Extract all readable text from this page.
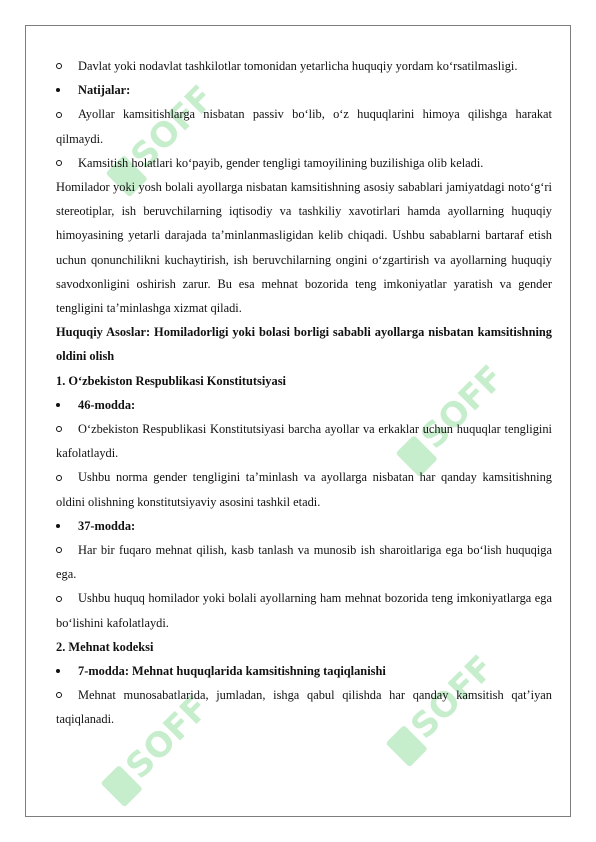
SOFF
SOFF
SOFF
SOFF

Davlat yoki nodavlat tashkilotlar tomonidan yetarlicha huquqiy yordam ko‘rsatilmasligi.

Natijalar:

Ayollar kamsitishlarga nisbatan passiv bo‘lib, o‘z huquqlarini himoya qilishga harakat qilmaydi.

Kamsitish holatlari ko‘payib, gender tengligi tamoyilining buzilishiga olib keladi.

Homilador yoki yosh bolali ayollarga nisbatan kamsitishning asosiy sabablari jamiyatdagi noto‘g‘ri stereotiplar, ish beruvchilarning iqtisodiy va tashkiliy xavotirlari hamda ayollarning huquqiy himoyasining yetarli darajada ta’minlanmasligidan kelib chiqadi. Ushbu sabablarni bartaraf etish uchun qonunchilikni kuchaytirish, ish beruvchilarning ongini o‘zgartirish va ayollarning huquqiy savodxonligini oshirish zarur. Bu esa mehnat bozorida teng imkoniyatlar yaratish va gender tengligini ta’minlashga xizmat qiladi.

Huquqiy Asoslar: Homiladorligi yoki bolasi borligi sababli ayollarga nisbatan kamsitishning oldini olish

1. O‘zbekiston Respublikasi Konstitutsiyasi

46-modda:

O‘zbekiston Respublikasi Konstitutsiyasi barcha ayollar va erkaklar uchun huquqlar tengligini kafolatlaydi.

Ushbu norma gender tengligini ta’minlash va ayollarga nisbatan har qanday kamsitishning oldini olishning konstitutsiyaviy asosini tashkil etadi.

37-modda:

Har bir fuqaro mehnat qilish, kasb tanlash va munosib ish sharoitlariga ega bo‘lish huquqiga ega.

Ushbu huquq homilador yoki bolali ayollarning ham mehnat bozorida teng imkoniyatlarga ega bo‘lishini kafolatlaydi.

2. Mehnat kodeksi

7-modda: Mehnat huquqlarida kamsitishning taqiqlanishi

Mehnat munosabatlarida, jumladan, ishga qabul qilishda har qanday kamsitish qat’iyan taqiqlanadi.
